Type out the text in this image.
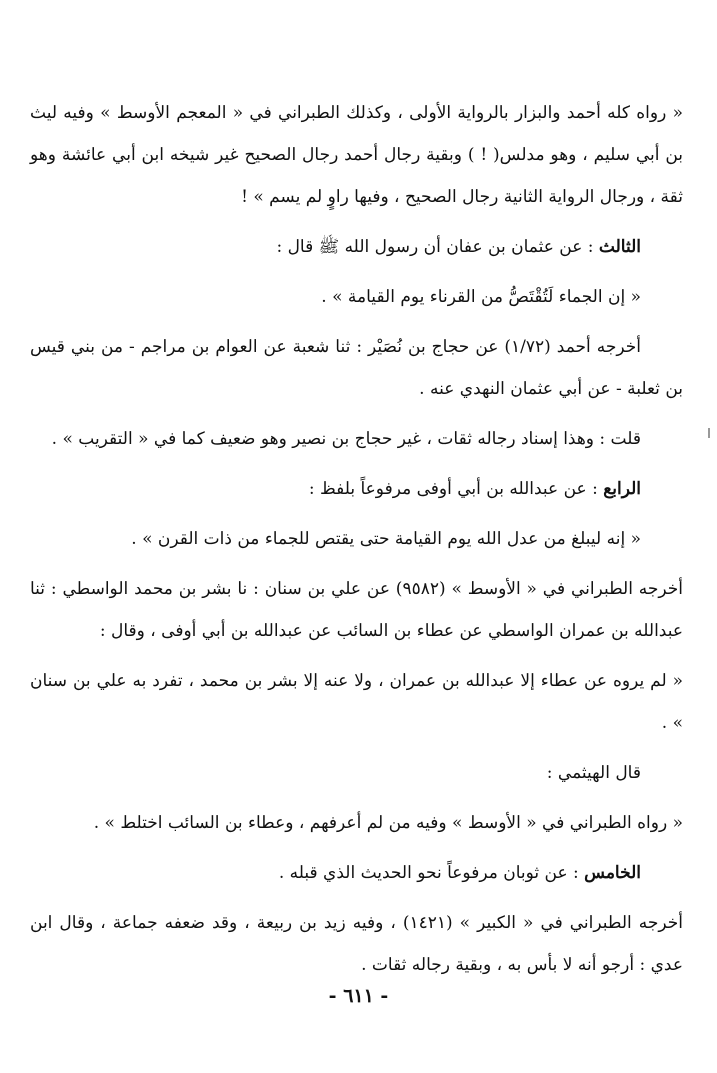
« رواه كله أحمد والبزار بالرواية الأولى ، وكذلك الطبراني في « المعجم الأوسط » وفيه ليث بن أبي سليم ، وهو مدلس( ! ) وبقية رجال أحمد رجال الصحيح غير شيخه ابن أبي عائشة وهو ثقة ، ورجال الرواية الثانية رجال الصحيح ، وفيها راوٍ لم يسم » !

الثالث : عن عثمان بن عفان أن رسول الله ﷺ قال :

« إن الجماء لَتُقْتَصُّ من القرناء يوم القيامة » .

أخرجه أحمد (١/٧٢) عن حجاج بن نُصَيْر : ثنا شعبة عن العوام بن مراجم - من بني قيس بن ثعلبة - عن أبي عثمان النهدي عنه .

قلت : وهذا إسناد رجاله ثقات ، غير حجاج بن نصير وهو ضعيف كما في « التقريب » .

الرابع : عن عبدالله بن أبي أوفى مرفوعاً بلفظ :

« إنه ليبلغ من عدل الله يوم القيامة حتى يقتص للجماء من ذات القرن » .

أخرجه الطبراني في « الأوسط » (٩٥٨٢) عن علي بن سنان : نا بشر بن محمد الواسطي : ثنا عبدالله بن عمران الواسطي عن عطاء بن السائب عن عبدالله بن أبي أوفى ، وقال :

« لم يروه عن عطاء إلا عبدالله بن عمران ، ولا عنه إلا بشر بن محمد ، تفرد به علي بن سنان » .

قال الهيثمي :

« رواه الطبراني في « الأوسط » وفيه من لم أعرفهم ، وعطاء بن السائب اختلط » .

الخامس : عن ثوبان مرفوعاً نحو الحديث الذي قبله .

أخرجه الطبراني في « الكبير » (١٤٢١) ، وفيه زيد بن ربيعة ، وقد ضعفه جماعة ، وقال ابن عدي : أرجو أنه لا بأس به ، وبقية رجاله ثقات .

- ٦١١ -
